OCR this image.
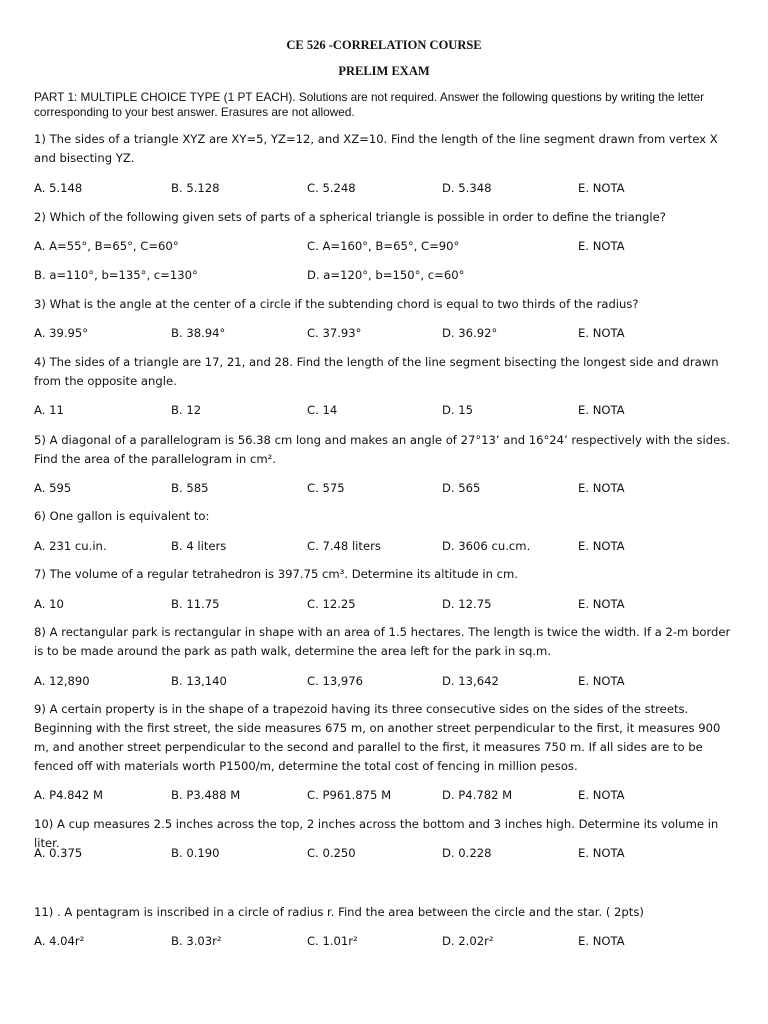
CE 526 -CORRELATION COURSE
PRELIM EXAM
PART 1: MULTIPLE CHOICE TYPE (1 PT EACH). Solutions are not required. Answer the following questions by writing the letter corresponding to your best answer. Erasures are not allowed.
1) The sides of a triangle XYZ are XY=5, YZ=12, and XZ=10. Find the length of the line segment drawn from vertex X and bisecting YZ.
A. 5.148	B. 5.128	C. 5.248	D. 5.348	E. NOTA
2) Which of the following given sets of parts of a spherical triangle is possible in order to define the triangle?
A. A=55°, B=65°, C=60°	C. A=160°, B=65°, C=90°	E. NOTA
B. a=110°, b=135°, c=130°	D. a=120°, b=150°, c=60°
3) What is the angle at the center of a circle if the subtending chord is equal to two thirds of the radius?
A. 39.95°	B. 38.94°	C. 37.93°	D. 36.92°	E. NOTA
4) The sides of a triangle are 17, 21, and 28. Find the length of the line segment bisecting the longest side and drawn from the opposite angle.
A. 11	B. 12	C. 14	D. 15	E. NOTA
5) A diagonal of a parallelogram is 56.38 cm long and makes an angle of 27°13’ and 16°24’ respectively with the sides. Find the area of the parallelogram in cm².
A. 595	B. 585	C. 575	D. 565	E. NOTA
6) One gallon is equivalent to:
A. 231 cu.in.	B. 4 liters	C. 7.48 liters	D. 3606 cu.cm.	E. NOTA
7) The volume of a regular tetrahedron is 397.75 cm³. Determine its altitude in cm.
A. 10	B. 11.75	C. 12.25	D. 12.75	E. NOTA
8) A rectangular park is rectangular in shape with an area of 1.5 hectares. The length is twice the width. If a 2-m border is to be made around the park as path walk, determine the area left for the park in sq.m.
A. 12,890	B. 13,140	C. 13,976	D. 13,642	E. NOTA
9) A certain property is in the shape of a trapezoid having its three consecutive sides on the sides of the streets. Beginning with the first street, the side measures 675 m, on another street perpendicular to the first, it measures 900 m, and another street perpendicular to the second and parallel to the first, it measures 750 m. If all sides are to be fenced off with materials worth P1500/m, determine the total cost of fencing in million pesos.
A. P4.842 M	B. P3.488 M	C. P961.875 M	D. P4.782 M	E. NOTA
10) A cup measures 2.5 inches across the top, 2 inches across the bottom and 3 inches high. Determine its volume in liter.
A. 0.375	B. 0.190	C. 0.250	D. 0.228	E. NOTA
11) . A pentagram is inscribed in a circle of radius r. Find the area between the circle and the star. ( 2pts)
A. 4.04r²	B. 3.03r²	C. 1.01r²	D. 2.02r²	E. NOTA
